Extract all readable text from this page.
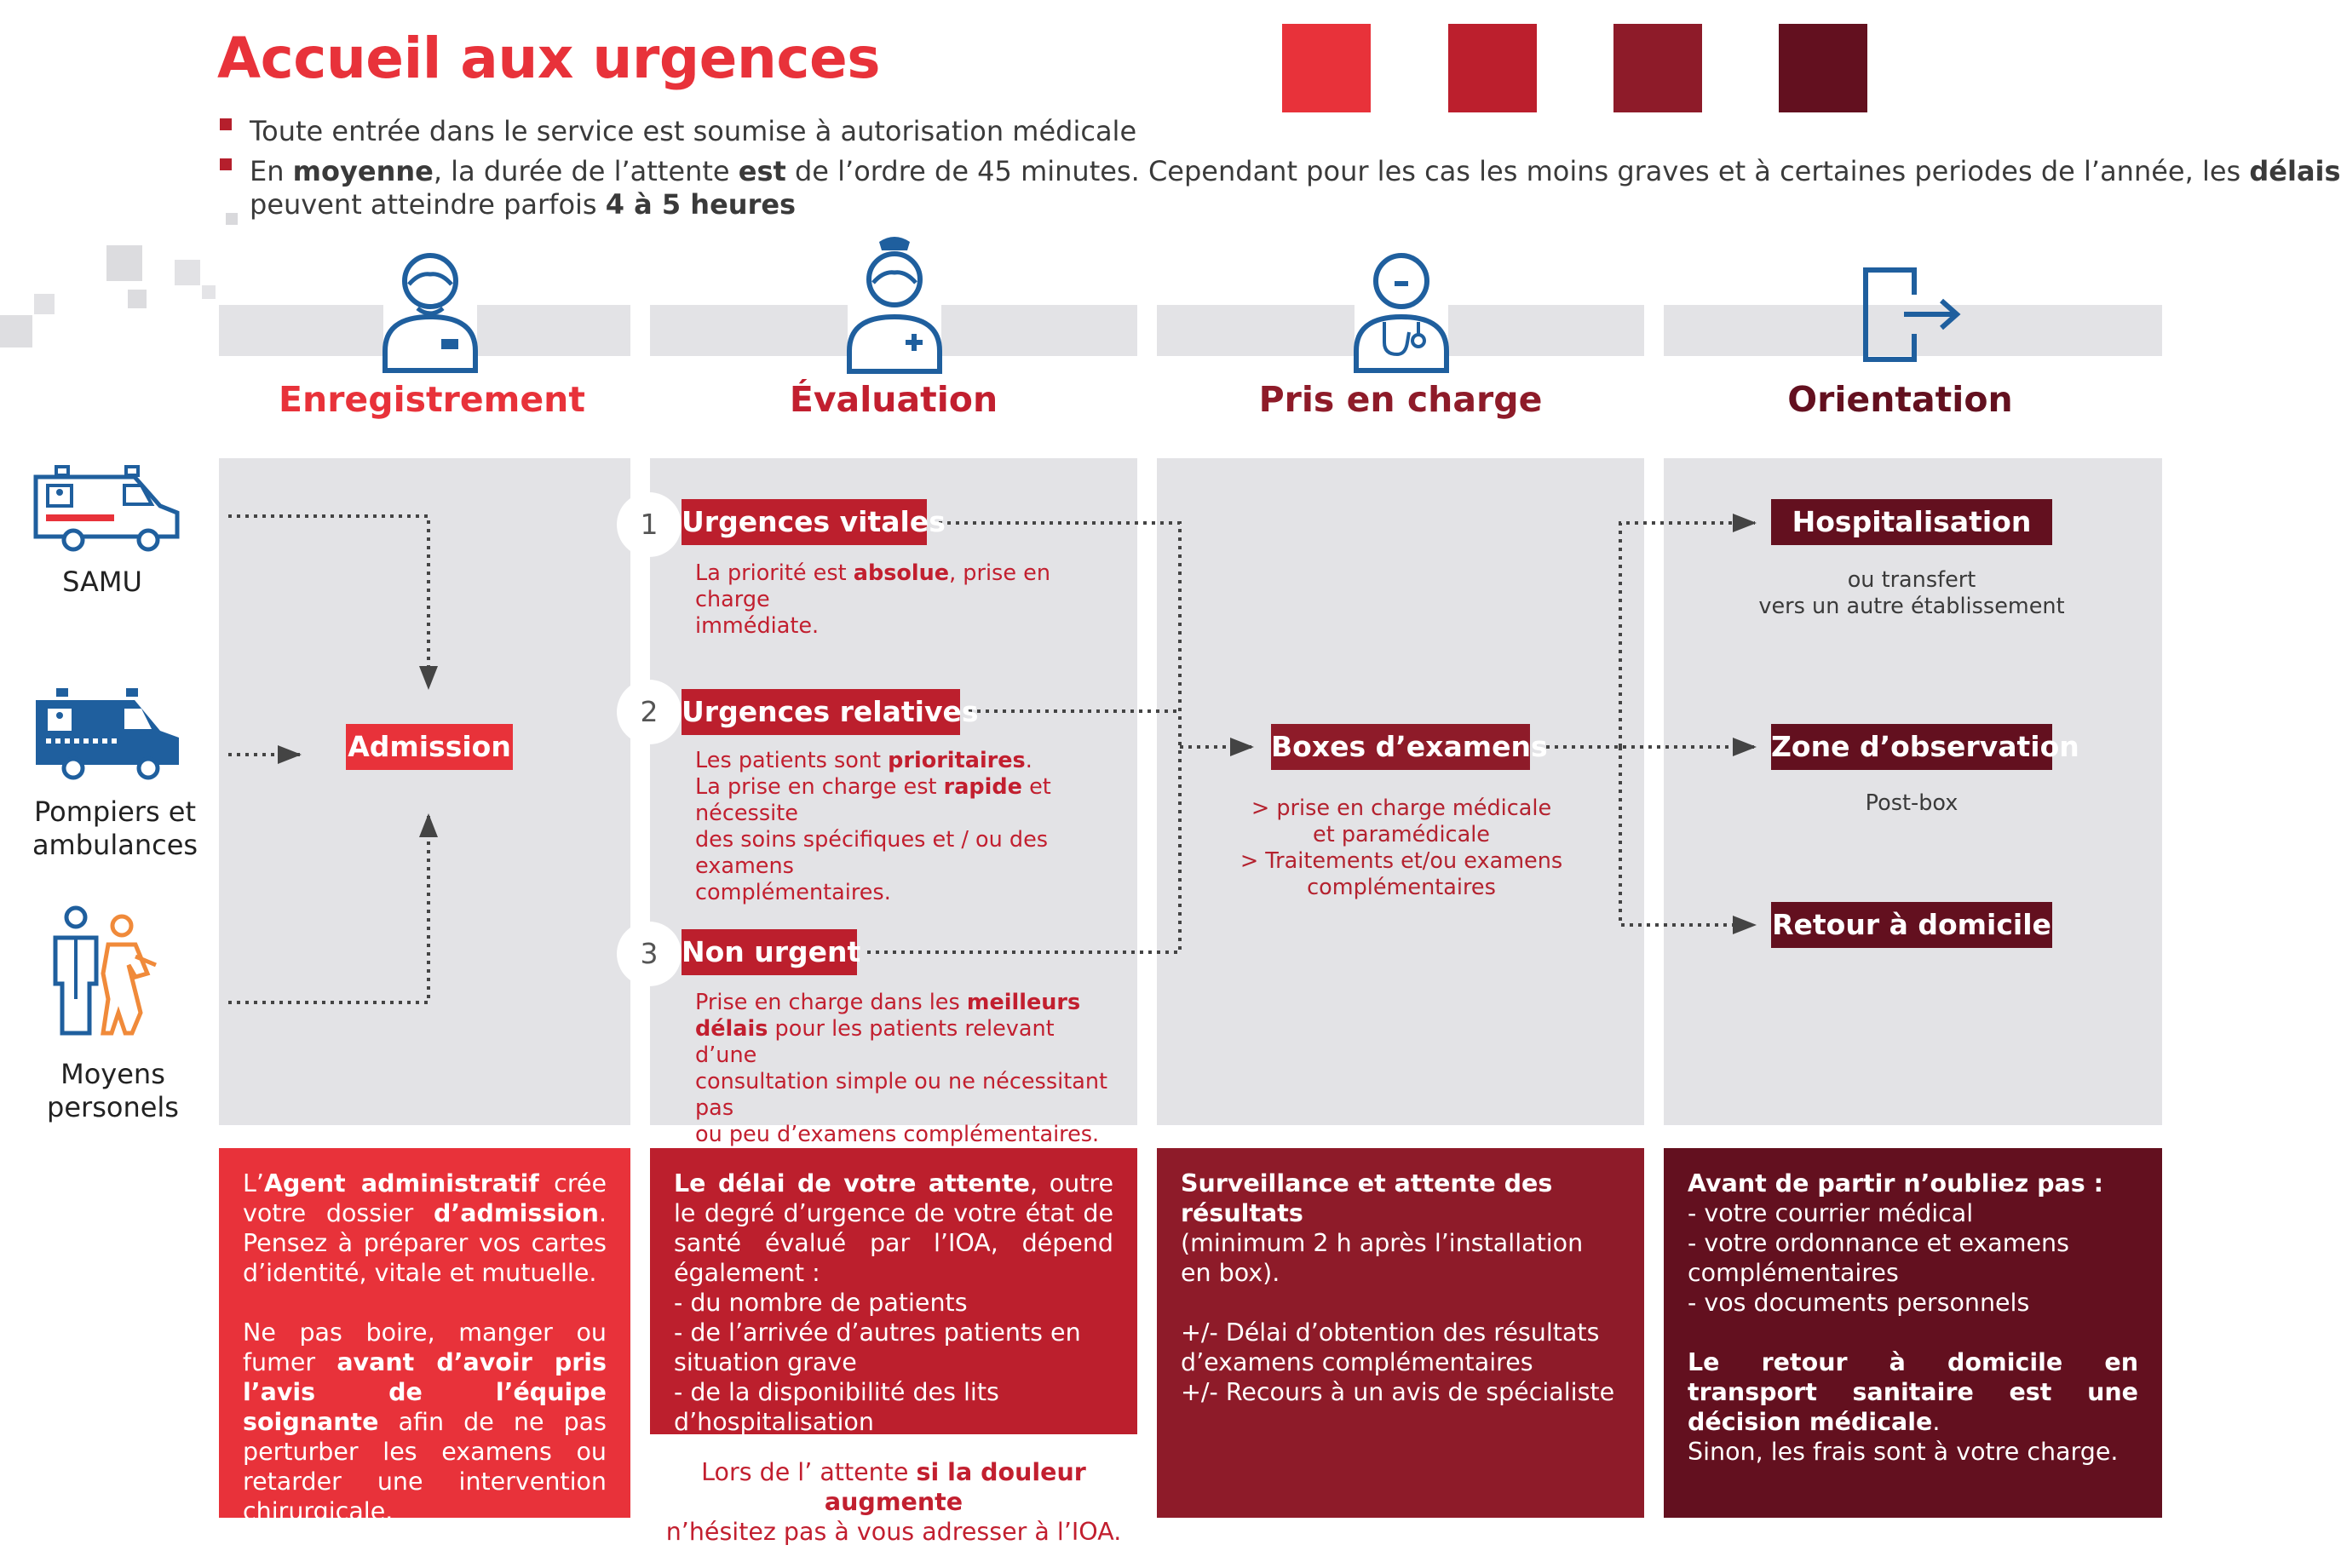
Accueil aux urgences
Toute entrée dans le service est soumise à autorisation médicale
En moyenne, la durée de l’attente est de l’ordre de 45 minutes. Cependant pour les cas les moins graves et à certaines periodes de l’année, les délais
peuvent atteindre parfois 4 à 5 heures
Enregistrement	Évaluation	Pris en charge	Orientation
SAMU
Pompiers et
ambulances
Moyens
personels
Admission
1 Urgences vitales
La priorité est absolue, prise en charge
immédiate.
2 Urgences relatives
Les patients sont prioritaires.
La prise en charge est rapide et nécessite
des soins spécifiques et / ou des examens
complémentaires.
3 Non urgent
Prise en charge dans les meilleurs
délais pour les patients relevant d’une
consultation simple ou ne nécessitant pas
ou peu d’examens complémentaires.
Boxes d’examens
> prise en charge médicale
et paramédicale
> Traitements et/ou examens
complémentaires
Hospitalisation
ou transfert
vers un autre établissement
Zone d’observation
Post-box
Retour à domicile

L’Agent administratif crée votre dossier d’admission. Pensez à préparer vos cartes d’identité, vitale et mutuelle.

Ne pas boire, manger ou fumer avant d’avoir pris l’avis de l’équipe soignante afin de ne pas perturber les examens ou retarder une intervention chirurgicale.

Le délai de votre attente, outre le degré d’urgence de votre état de santé évalué par l’IOA, dépend également :

- du nombre de patients

- de l’arrivée d’autres patients en situation grave

- de la disponibilité des lits d’hospitalisation

Lors de l’ attente si la douleur augmente
n’hésitez pas à vous adresser à l’IOA.

Surveillance et attente des résultats

(minimum 2 h après l’installation en box).

+/- Délai d’obtention des résultats d’examens complémentaires

+/- Recours à un avis de spécialiste

Avant de partir n’oubliez pas :

- votre courrier médical

- votre ordonnance et examens complémentaires

- vos documents personnels

Le retour à domicile en transport sanitaire est une décision médicale.

Sinon, les frais sont à votre charge.
